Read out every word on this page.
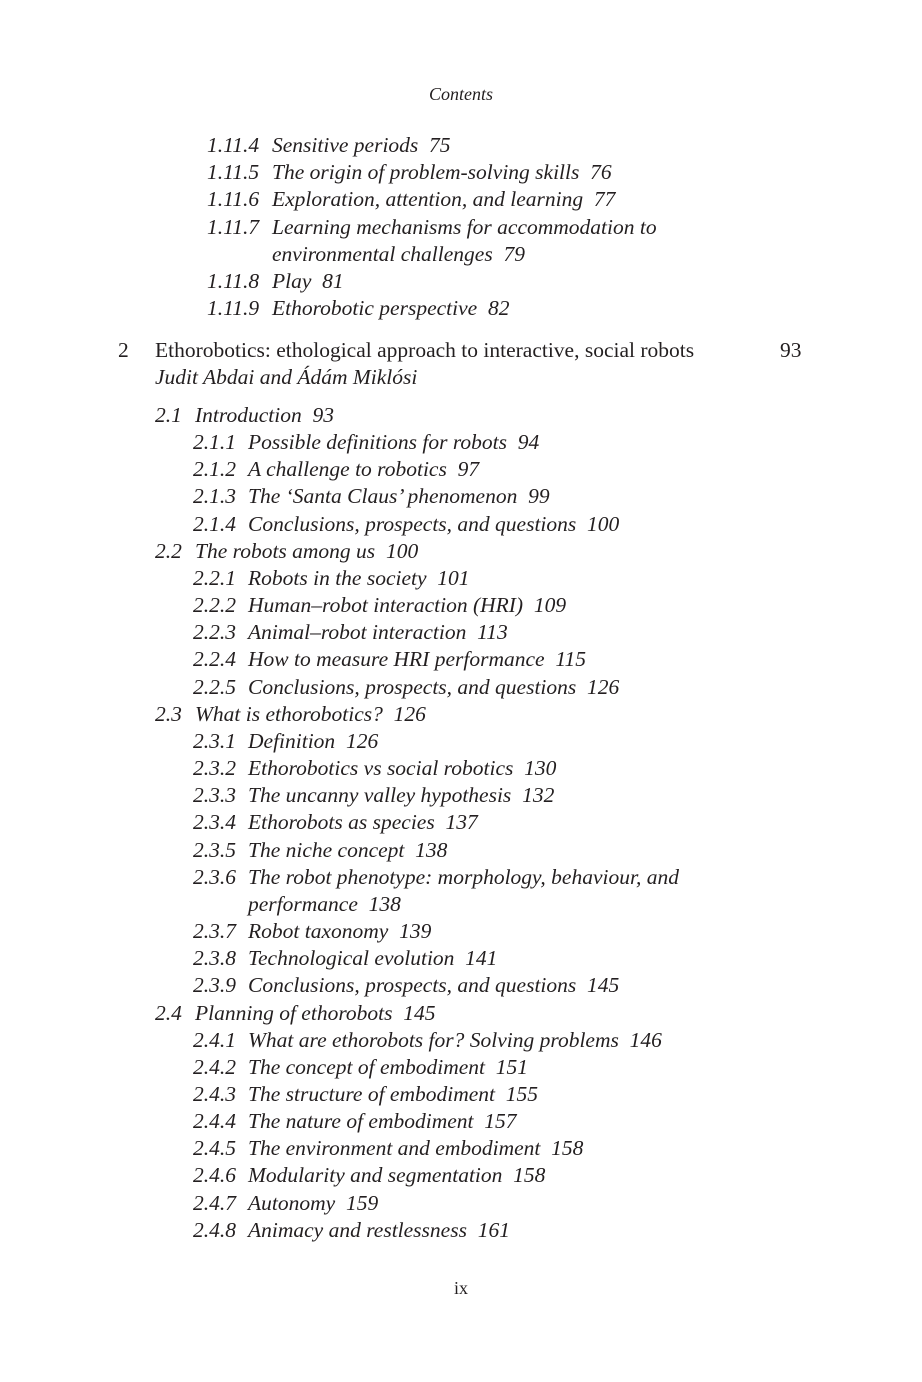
Contents
1.11.4 Sensitive periods  75
1.11.5 The origin of problem-solving skills  76
1.11.6 Exploration, attention, and learning  77
1.11.7 Learning mechanisms for accommodation to
environmental challenges  79
1.11.8 Play  81
1.11.9 Ethorobotic perspective  82
2 Ethorobotics: ethological approach to interactive, social robots	93
Judit Abdai and Ádám Miklósi
2.1 Introduction  93
2.1.1 Possible definitions for robots  94
2.1.2 A challenge to robotics  97
2.1.3 The ‘Santa Claus’ phenomenon  99
2.1.4 Conclusions, prospects, and questions  100
2.2 The robots among us  100
2.2.1 Robots in the society  101
2.2.2 Human–robot interaction (HRI)  109
2.2.3 Animal–robot interaction  113
2.2.4 How to measure HRI performance  115
2.2.5 Conclusions, prospects, and questions  126
2.3 What is ethorobotics?  126
2.3.1 Definition  126
2.3.2 Ethorobotics vs social robotics  130
2.3.3 The uncanny valley hypothesis  132
2.3.4 Ethorobots as species  137
2.3.5 The niche concept  138
2.3.6 The robot phenotype: morphology, behaviour, and
performance  138
2.3.7 Robot taxonomy  139
2.3.8 Technological evolution  141
2.3.9 Conclusions, prospects, and questions  145
2.4 Planning of ethorobots  145
2.4.1 What are ethorobots for? Solving problems  146
2.4.2 The concept of embodiment  151
2.4.3 The structure of embodiment  155
2.4.4 The nature of embodiment  157
2.4.5 The environment and embodiment  158
2.4.6 Modularity and segmentation  158
2.4.7 Autonomy  159
2.4.8 Animacy and restlessness  161
ix
